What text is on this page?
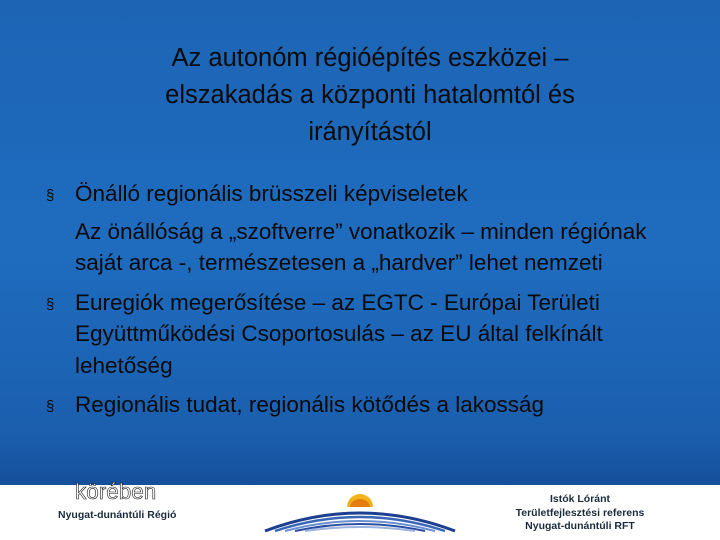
Az autonóm régióépítés eszközei –
elszakadás a központi hatalomtól és
irányítástól
§ Önálló regionális brüsszeli képviseletek
Az önállóság a „szoftverre” vonatkozik – minden régiónak saját arca -, természetesen a „hardver” lehet nemzeti
§ Euregiók megerősítése – az EGTC - Európai Területi Együttműködési Csoportosulás – az EU által felkínált lehetőség
§ Regionális tudat, regionális kötődés a lakosság
Nyugat-dunántúli Régió
Istók Lóránt
Területfejlesztési referens
Nyugat-dunántúli RFT
körében
